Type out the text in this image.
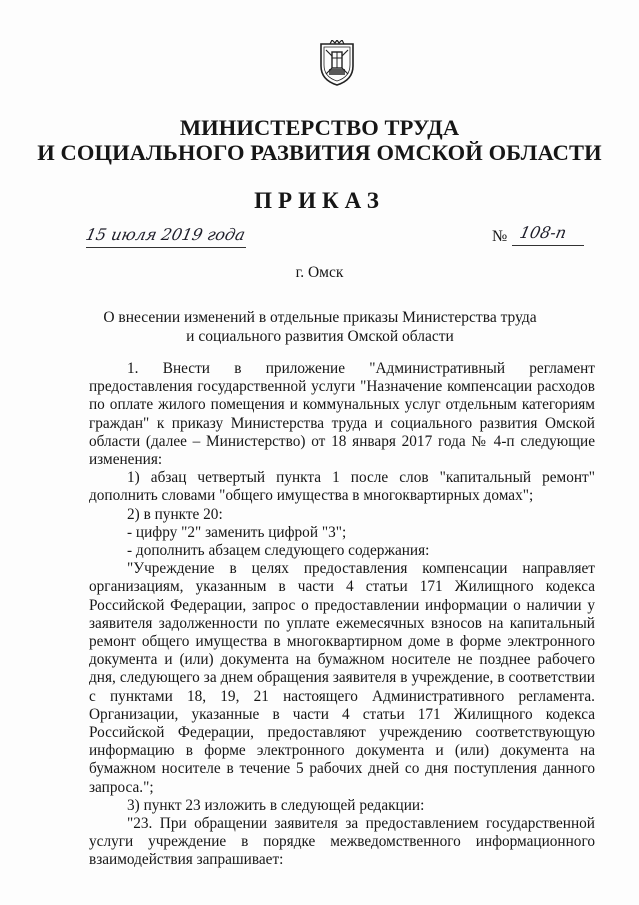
МИНИСТЕРСТВО ТРУДА
И СОЦИАЛЬНОГО РАЗВИТИЯ ОМСКОЙ ОБЛАСТИ
ПРИКАЗ
15 июля 2019 года	№ 108-п
г. Омск
О внесении изменений в отдельные приказы Министерства труда
и социального развития Омской области

1. Внести в приложение "Административный регламент

предоставления государственной услуги "Назначение компенсации расходов

по оплате жилого помещения и коммунальных услуг отдельным категориям

граждан" к приказу Министерства труда и социального развития Омской

области (далее – Министерство) от 18 января 2017 года № 4-п следующие

изменения:

1) абзац четвертый пункта 1 после слов "капитальный ремонт"

дополнить словами "общего имущества в многоквартирных домах";

2) в пункте 20:

- цифру "2" заменить цифрой "3";

- дополнить абзацем следующего содержания:

"Учреждение в целях предоставления компенсации направляет

организациям, указанным в части 4 статьи 171 Жилищного кодекса

Российской Федерации, запрос о предоставлении информации о наличии у

заявителя задолженности по уплате ежемесячных взносов на капитальный

ремонт общего имущества в многоквартирном доме в форме электронного

документа и (или) документа на бумажном носителе не позднее рабочего

дня, следующего за днем обращения заявителя в учреждение, в соответствии

с пунктами 18, 19, 21 настоящего Административного регламента.

Организации, указанные в части 4 статьи 171 Жилищного кодекса

Российской Федерации, предоставляют учреждению соответствующую

информацию в форме электронного документа и (или) документа на

бумажном носителе в течение 5 рабочих дней со дня поступления данного

запроса.";

3) пункт 23 изложить в следующей редакции:

"23. При обращении заявителя за предоставлением государственной

услуги учреждение в порядке межведомственного информационного

взаимодействия запрашивает:
